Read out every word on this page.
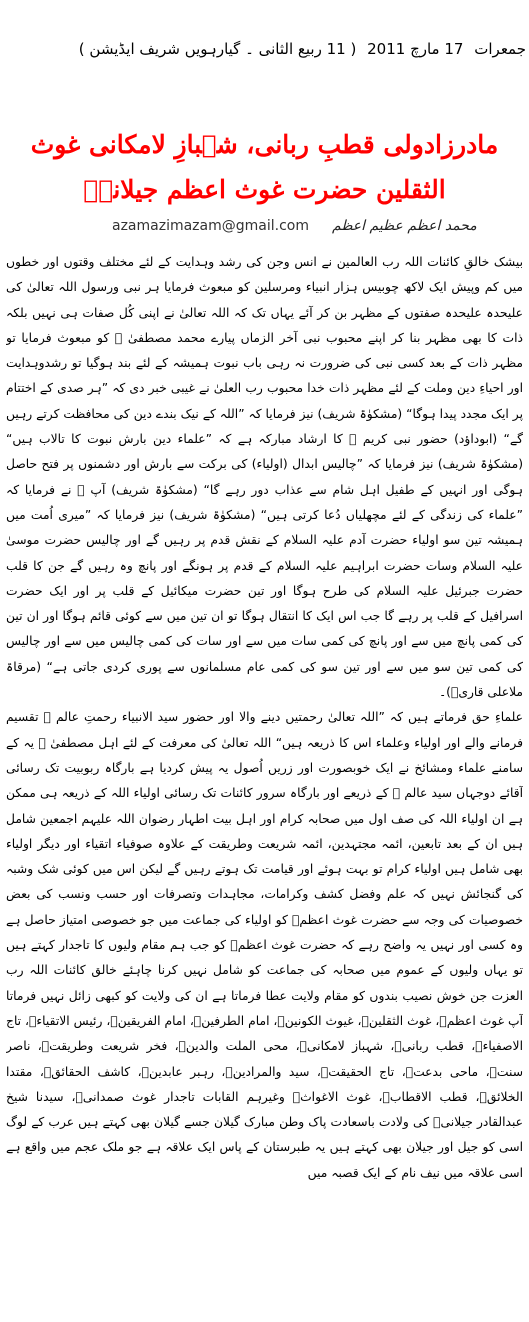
جمعرات 17 مارچ 2011 ( 11 ربیع الثانی ۔ گیارہویں شریف ایڈیشن )
مادرزادولی قطبِ ربانی، شہبازِ لامکانی غوث الثقلین حضرت غوث اعظم جیلانیؓ
azamazimazam@gmail.com محمد اعظم عظیم اعظم

بیشک خالقِ کائنات اللہ رب العالمین نے انس وجن کی رشد وہدایت کے لئے مختلف وقتوں اور خطوں میں کم وپیش ایک لاکھ چوبیس ہزار انبیاء ومرسلین کو مبعوث فرمایا ہر نبی ورسول اللہ تعالیٰ کی علیحدہ علیحدہ صفتوں کے مظہر بن کر آئے یہاں تک کہ اللہ تعالیٰ نے اپنی کُل صفات ہی نہیں بلکہ ذات کا بھی مظہر بنا کر اپنے محبوب نبی آخر الزماں پیارے محمد مصطفیٰ ﷺ کو مبعوث فرمایا تو مظہر ذات کے بعد کسی نبی کی ضرورت نہ رہی باب نبوت ہمیشہ کے لئے بند ہوگیا تو رشدوہدایت اور احیاءِ دین وملت کے لئے مظہر ذات خدا محبوب رب العلیٰ نے غیبی خبر دی کہ ”ہر صدی کے اختتام پر ایک مجدد پیدا ہوگا“ (مشکوٰۃ شریف) نیز فرمایا کہ ”اللہ کے نیک بندے دین کی محافظت کرتے رہیں گے“ (ابوداؤد) حضور نبی کریم ﷺ کا ارشاد مبارکہ ہے کہ ”علماء دین بارش نبوت کا تالاب ہیں“ (مشکوٰۃ شریف) نیز فرمایا کہ ”چالیس ابدال (اولیاء) کی برکت سے بارش اور دشمنوں پر فتح حاصل ہوگی اور انہیں کے طفیل اہل شام سے عذاب دور رہے گا“ (مشکوٰۃ شریف) آپ ﷺ نے فرمایا کہ ”علماء کی زندگی کے لئے مچھلیاں دُعا کرتی ہیں“ (مشکوٰۃ شریف) نیز فرمایا کہ ”میری اُمت میں ہمیشہ تین سو اولیاء حضرت آدم علیہ السلام کے نقش قدم پر رہیں گے اور چالیس حضرت موسیٰ علیہ السلام وسات حضرت ابراہیم علیہ السلام کے قدم پر ہونگے اور پانچ وہ رہیں گے جن کا قلب حضرت جبرئیل علیہ السلام کی طرح ہوگا اور تین حضرت میکائیل کے قلب پر اور ایک حضرت اسرافیل کے قلب پر رہے گا جب اس ایک کا انتقال ہوگا تو ان تین میں سے کوئی قائم ہوگا اور ان تین کی کمی پانچ میں سے اور پانچ کی کمی سات میں سے اور سات کی کمی چالیس میں سے اور چالیس کی کمی تین سو میں سے اور تین سو کی کمی عام مسلمانوں سے پوری کردی جاتی ہے“ (مرقاۃ ملاعلی قاریؒ)۔

علماءِ حق فرماتے ہیں کہ ”اللہ تعالیٰ رحمتیں دینے والا اور حضور سید الانبیاء رحمتِ عالم ﷺ تقسیم فرمانے والے اور اولیاء وعلماء اس کا ذریعہ ہیں“ اللہ تعالیٰ کی معرفت کے لئے اہل مصطفیٰ ﷺ یہ کے سامنے علماء ومشائخ نے ایک خوبصورت اور زریں اُصول یہ پیش کردیا ہے بارگاہ ربوبیت تک رسائی آقائے دوجہاں سید عالم ﷺ کے ذریعے اور بارگاہ سرور کائنات تک رسائی اولیاء اللہ کے ذریعہ ہی ممکن ہے ان اولیاء اللہ کی صف اول میں صحابہ کرام اور اہل بیت اطہار رضوان اللہ علیہم اجمعین شامل ہیں ان کے بعد تابعین، ائمہ مجتہدین، ائمہ شریعت وطریقت کے علاوہ صوفیاء اتقیاء اور دیگر اولیاء بھی شامل ہیں اولیاء کرام تو بہت ہوئے اور قیامت تک ہوتے رہیں گے لیکن اس میں کوئی شک وشبہ کی گنجائش نہیں کہ علم وفضل کشف وکرامات، مجاہدات وتصرفات اور حسب ونسب کی بعض خصوصیات کی وجہ سے حضرت غوث اعظمؓ کو اولیاء کی جماعت میں جو خصوصی امتیاز حاصل ہے وہ کسی اور نہیں یہ واضح رہے کہ حضرت غوث اعظمؓ کو جب ہم مقام ولیوں کا تاجدار کہتے ہیں تو یہاں ولیوں کے عموم میں صحابہ کی جماعت کو شامل نہیں کرنا چاہئے خالق کائنات اللہ رب العزت جن خوش نصیب بندوں کو مقام ولایت عطا فرماتا ہے ان کی ولایت کو کبھی زائل نہیں فرماتا آپ غوث اعظمؓ، غوث الثقلینؓ، غیوث الکونینؓ، امام الطرفینؓ، امام الفریقینؓ، رئیس الاتقیاءؓ، تاج الاصفیاءؓ، قطب ربانیؓ، شہباز لامکانیؓ، محی الملت والدینؓ، فخر شریعت وطریقتؓ، ناصر سنتؓ، ماحی بدعتؓ، تاج الحقیقتؓ، سید والمرادینؓ، رہبر عابدینؓ، کاشف الحقائقؓ، مقتدا الخلائقؓ، قطب الاقطابؓ، غوث الاغواثؓ وغیرہم القابات تاجدار غوث صمدانیؓ، سیدنا شیخ عبدالقادر جیلانیؓ کی ولادت باسعادت پاک وطن مبارک گیلان جسے گیلان بھی کہتے ہیں عرب کے لوگ اسی کو جیل اور جیلان بھی کہتے ہیں یہ طبرستان کے پاس ایک علاقہ ہے جو ملک عجم میں واقع ہے اسی علاقہ میں نیف نام کے ایک قصبہ میں
